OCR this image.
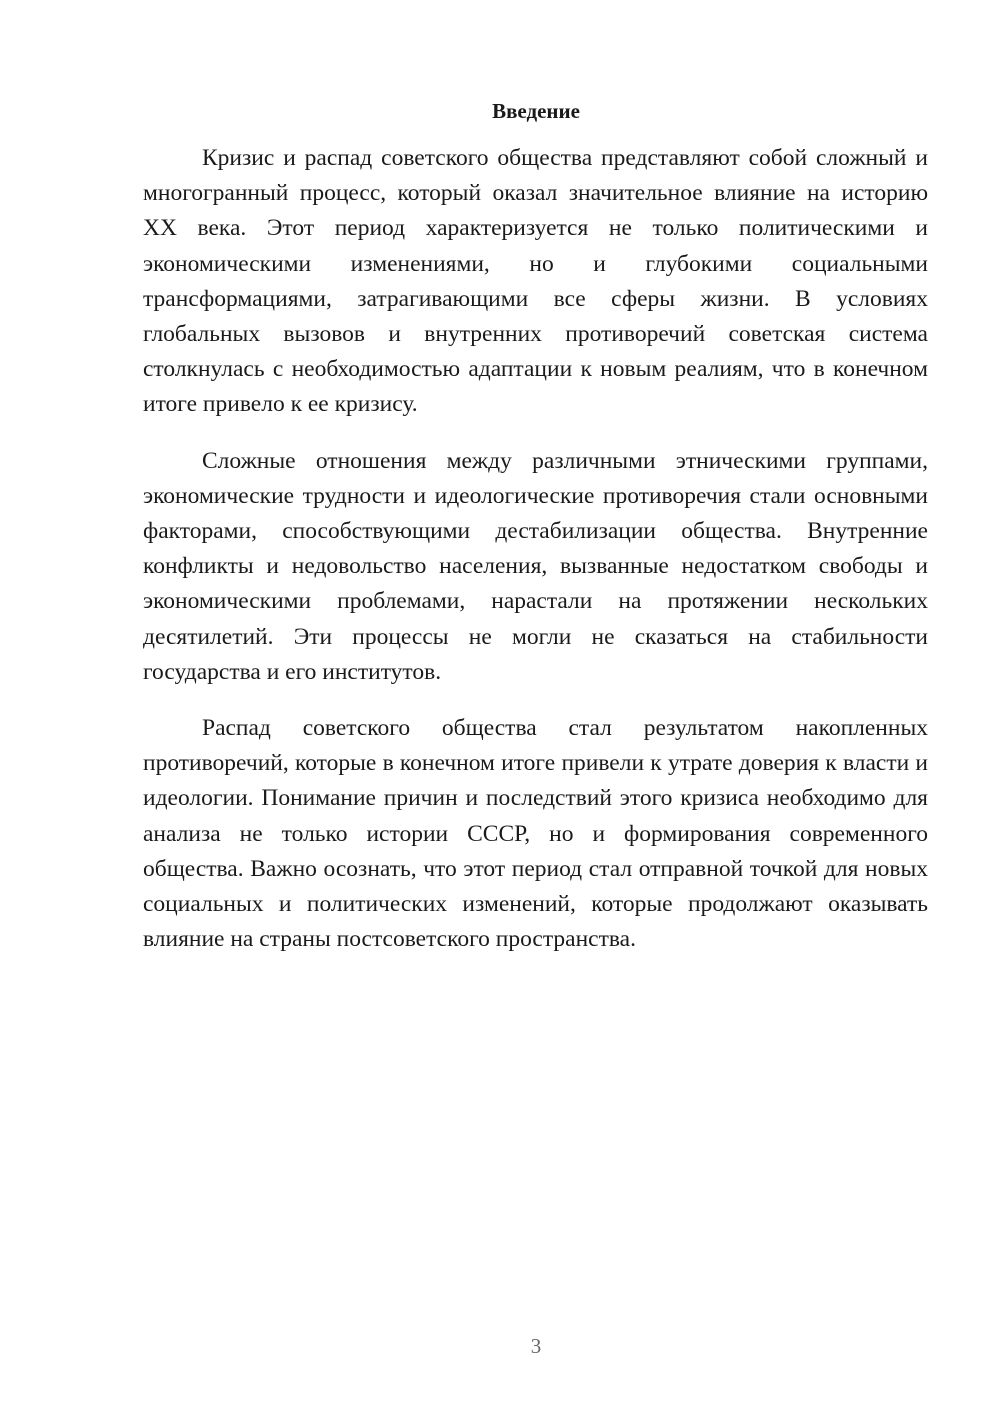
Введение

Кризис и распад советского общества представляют собой сложный и многогранный процесс, который оказал значительное влияние на историю XX века. Этот период характеризуется не только политическими и экономическими изменениями, но и глубокими социальными трансформациями, затрагивающими все сферы жизни. В условиях глобальных вызовов и внутренних противоречий советская система столкнулась с необходимостью адаптации к новым реалиям, что в конечном итоге привело к ее кризису.

Сложные отношения между различными этническими группами, экономические трудности и идеологические противоречия стали основными факторами, способствующими дестабилизации общества. Внутренние конфликты и недовольство населения, вызванные недостатком свободы и экономическими проблемами, нарастали на протяжении нескольких десятилетий. Эти процессы не могли не сказаться на стабильности государства и его институтов.

Распад советского общества стал результатом накопленных противоречий, которые в конечном итоге привели к утрате доверия к власти и идеологии. Понимание причин и последствий этого кризиса необходимо для анализа не только истории СССР, но и формирования современного общества. Важно осознать, что этот период стал отправной точкой для новых социальных и политических изменений, которые продолжают оказывать влияние на страны постсоветского пространства.

3
